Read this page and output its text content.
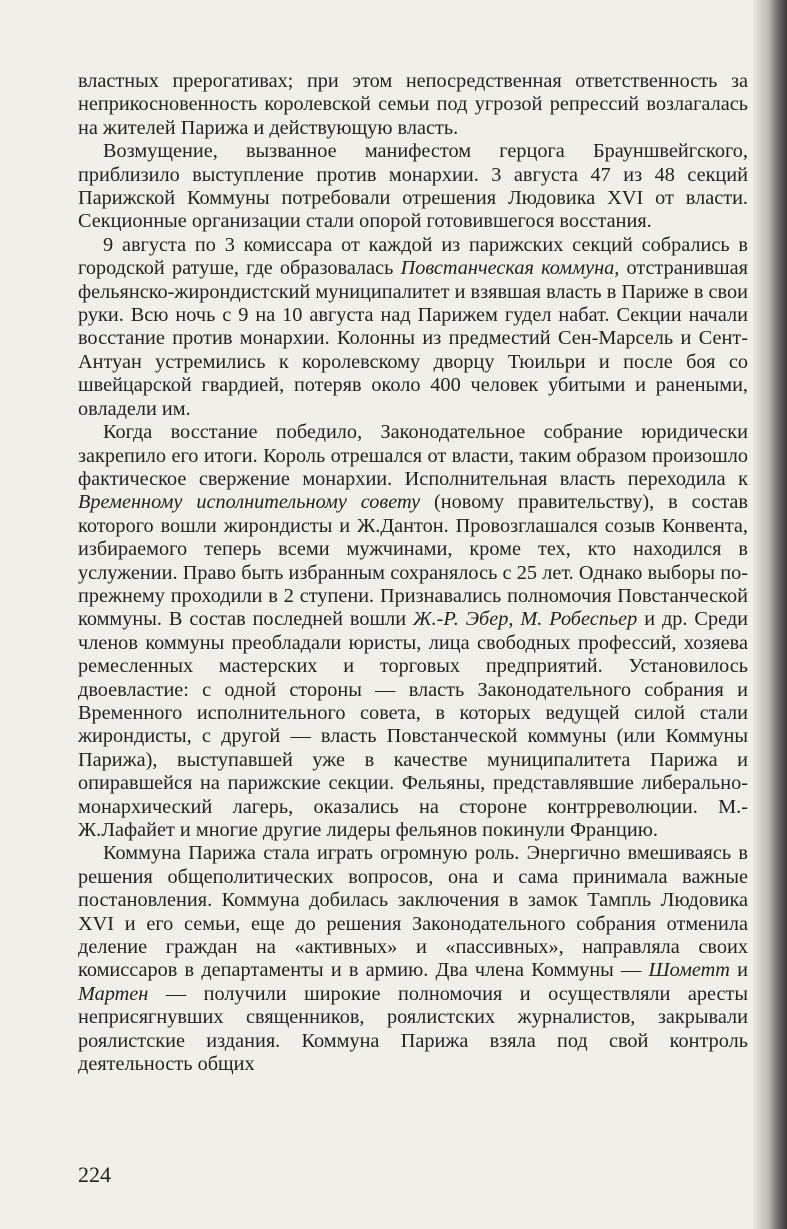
властных прерогативах; при этом непосредственная ответственность за неприкосновенность королевской семьи под угрозой репрессий возлагалась на жителей Парижа и действующую власть.

Возмущение, вызванное манифестом герцога Брауншвейгского, приблизило выступление против монархии. 3 августа 47 из 48 секций Парижской Коммуны потребовали отрешения Людовика XVI от власти. Секционные организации стали опорой готовившегося восстания.

9 августа по 3 комиссара от каждой из парижских секций собрались в городской ратуше, где образовалась Повстанческая коммуна, отстранившая фельянско-жирондистский муниципалитет и взявшая власть в Париже в свои руки. Всю ночь с 9 на 10 августа над Парижем гудел набат. Секции начали восстание против монархии. Колонны из предместий Сен-Марсель и Сент-Антуан устремились к королевскому дворцу Тюильри и после боя со швейцарской гвардией, потеряв около 400 человек убитыми и ранеными, овладели им.

Когда восстание победило, Законодательное собрание юридически закрепило его итоги. Король отрешался от власти, таким образом произошло фактическое свержение монархии. Исполнительная власть переходила к Временному исполнительному совету (новому правительству), в состав которого вошли жирондисты и Ж.Дантон. Провозглашался созыв Конвента, избираемого теперь всеми мужчинами, кроме тех, кто находился в услужении. Право быть избранным сохранялось с 25 лет. Однако выборы по-прежнему проходили в 2 ступени. Признавались полномочия Повстанческой коммуны. В состав последней вошли Ж.-Р. Эбер, М. Робеспьер и др. Среди членов коммуны преобладали юристы, лица свободных профессий, хозяева ремесленных мастерских и торговых предприятий. Установилось двоевластие: с одной стороны — власть Законодательного собрания и Временного исполнительного совета, в которых ведущей силой стали жирондисты, с другой — власть Повстанческой коммуны (или Коммуны Парижа), выступавшей уже в качестве муниципалитета Парижа и опиравшейся на парижские секции. Фельяны, представлявшие либерально-монархический лагерь, оказались на стороне контрреволюции. М.-Ж.Лафайет и многие другие лидеры фельянов покинули Францию.

Коммуна Парижа стала играть огромную роль. Энергично вмешиваясь в решения общеполитических вопросов, она и сама принимала важные постановления. Коммуна добилась заключения в замок Тампль Людовика XVI и его семьи, еще до решения Законодательного собрания отменила деление граждан на «активных» и «пассивных», направляла своих комиссаров в департаменты и в армию. Два члена Коммуны — Шометт и Мартен — получили широкие полномочия и осуществляли аресты неприсягнувших священников, роялистских журналистов, закрывали роялистские издания. Коммуна Парижа взяла под свой контроль деятельность общих

224
